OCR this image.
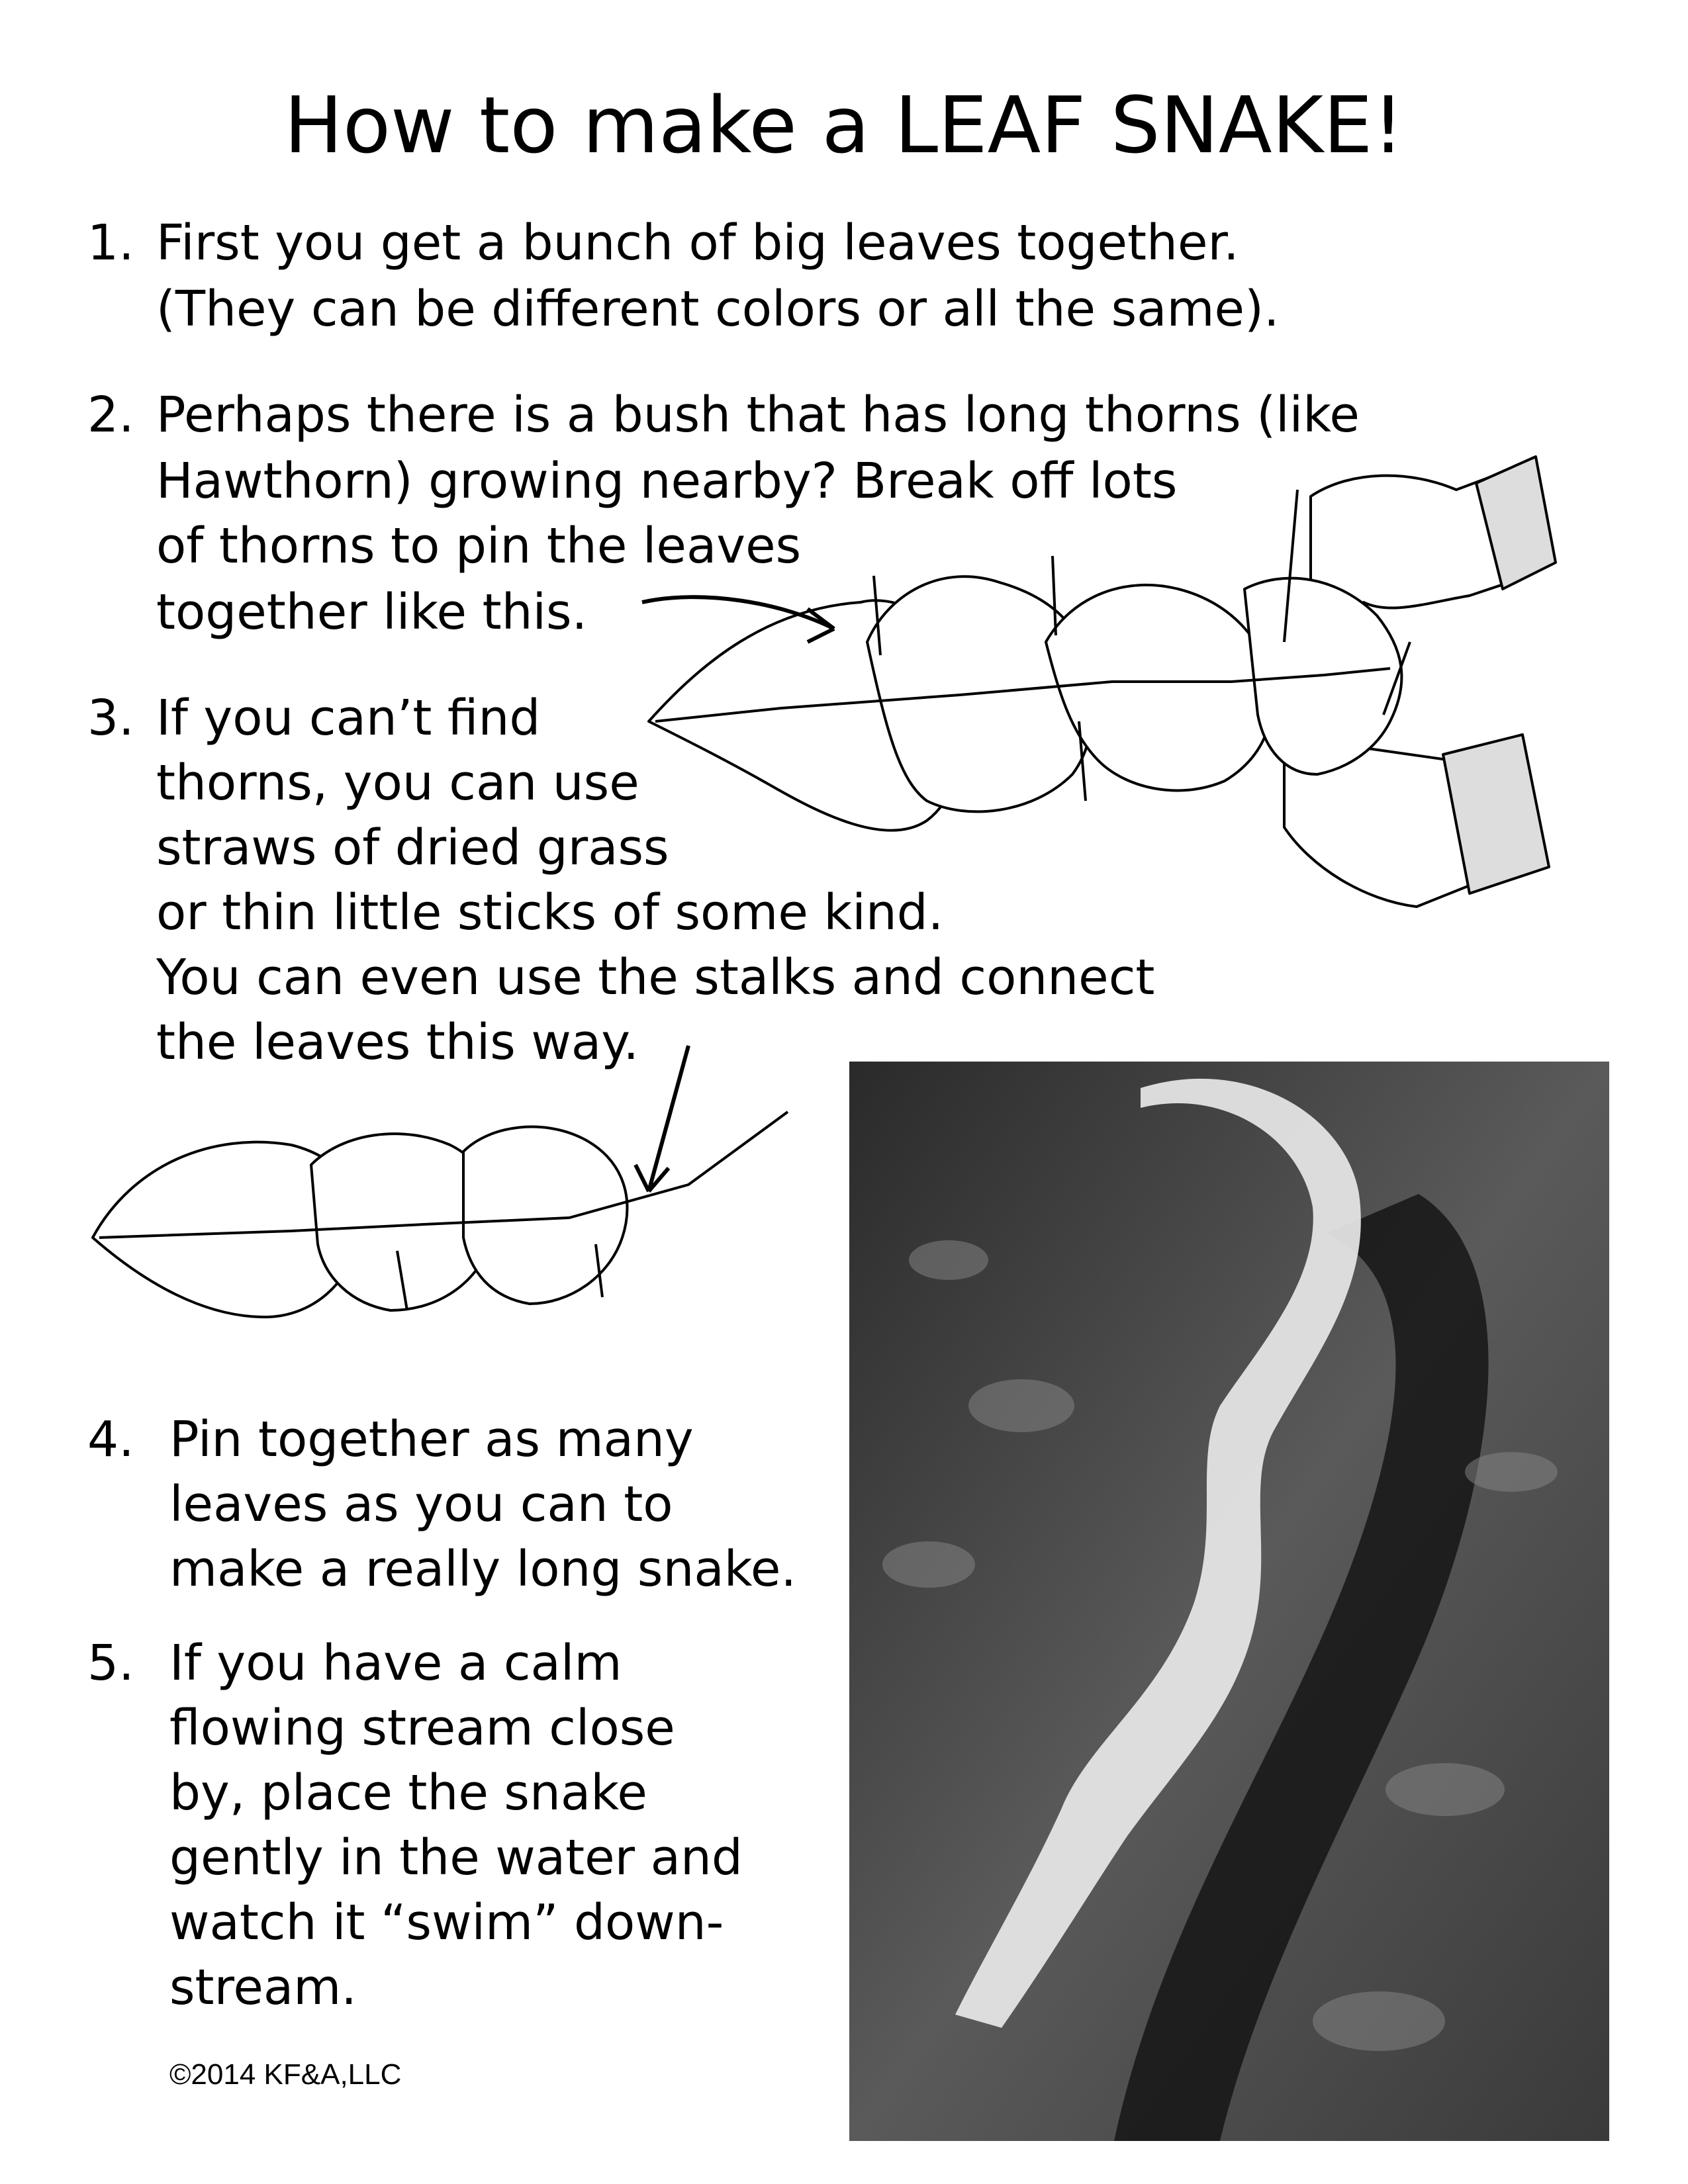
How to make a LEAF SNAKE!
1. First you get a bunch of big leaves together.
(They can be different colors or all the same).
2. Perhaps there is a bush that has long thorns (like
Hawthorn) growing nearby? Break off lots
of thorns to pin the leaves
together like this.
3. If you can’t find
thorns, you can use
straws of dried grass
or thin little sticks of some kind.
You can even use the stalks and connect
the leaves this way.
4. Pin together as many
leaves as you can to
make a really long snake.
5. If you have a calm
flowing stream close
by, place the snake
gently in the water and
watch it “swim” down-
stream.
©2014 KF&A,LLC
